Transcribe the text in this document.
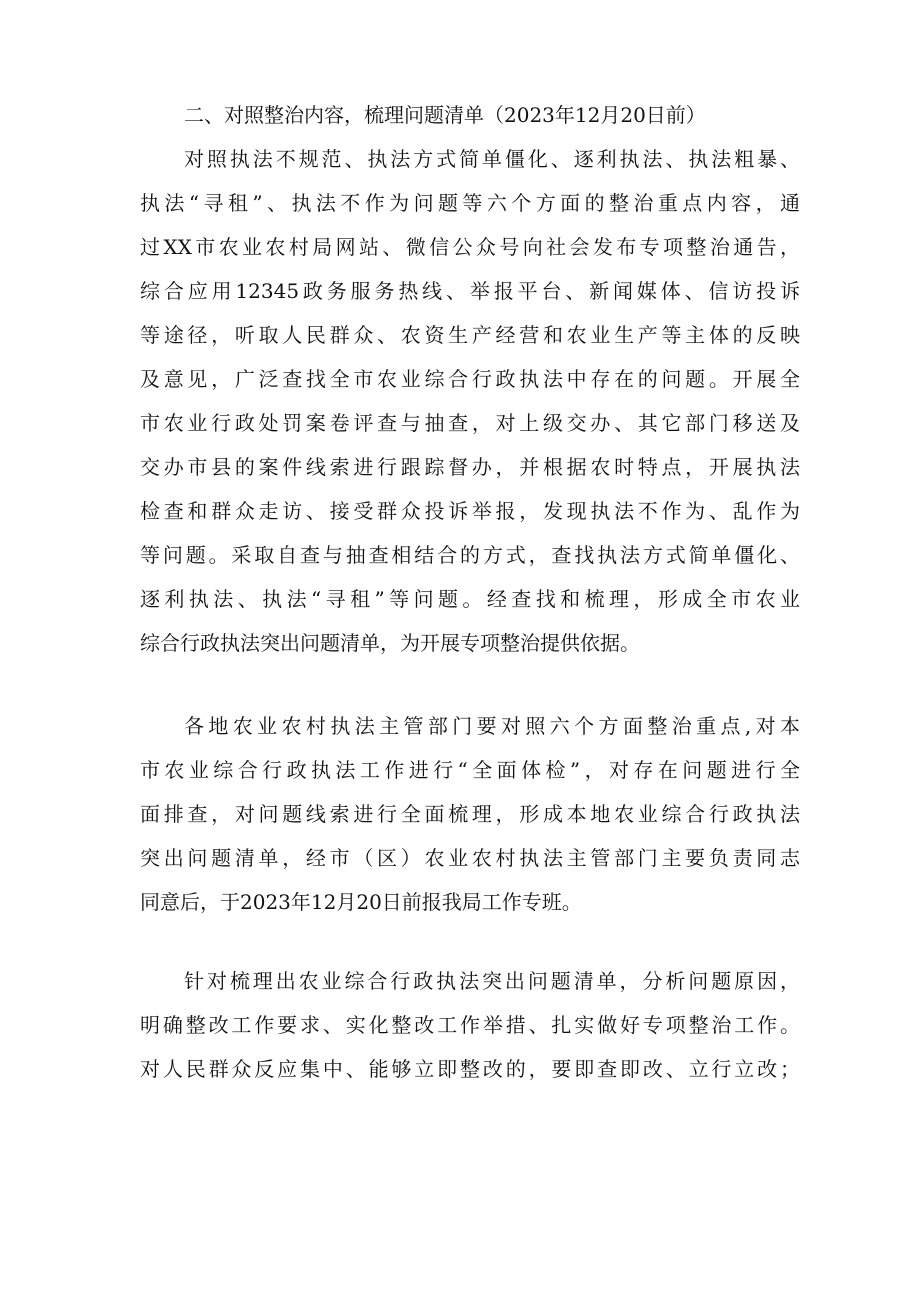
二、对照整治内容，梳理问题清单（2023年12月20日前）
对照执法不规范、执法方式简单僵化、逐利执法、执法粗暴、
执法“寻租”、执法不作为问题等六个方面的整治重点内容，通
过XX市农业农村局网站、微信公众号向社会发布专项整治通告，
综合应用12345政务服务热线、举报平台、新闻媒体、信访投诉
等途径，听取人民群众、农资生产经营和农业生产等主体的反映
及意见，广泛查找全市农业综合行政执法中存在的问题。开展全
市农业行政处罚案卷评查与抽查，对上级交办、其它部门移送及
交办市县的案件线索进行跟踪督办，并根据农时特点，开展执法
检查和群众走访、接受群众投诉举报，发现执法不作为、乱作为
等问题。采取自查与抽查相结合的方式，查找执法方式简单僵化、
逐利执法、执法“寻租”等问题。经查找和梳理，形成全市农业
综合行政执法突出问题清单，为开展专项整治提供依据。
各地农业农村执法主管部门要对照六个方面整治重点,对本
市农业综合行政执法工作进行“全面体检”，对存在问题进行全
面排查，对问题线索进行全面梳理，形成本地农业综合行政执法
突出问题清单，经市（区）农业农村执法主管部门主要负责同志
同意后，于2023年12月20日前报我局工作专班。
针对梳理出农业综合行政执法突出问题清单，分析问题原因，
明确整改工作要求、实化整改工作举措、扎实做好专项整治工作。
对人民群众反应集中、能够立即整改的，要即查即改、立行立改；
